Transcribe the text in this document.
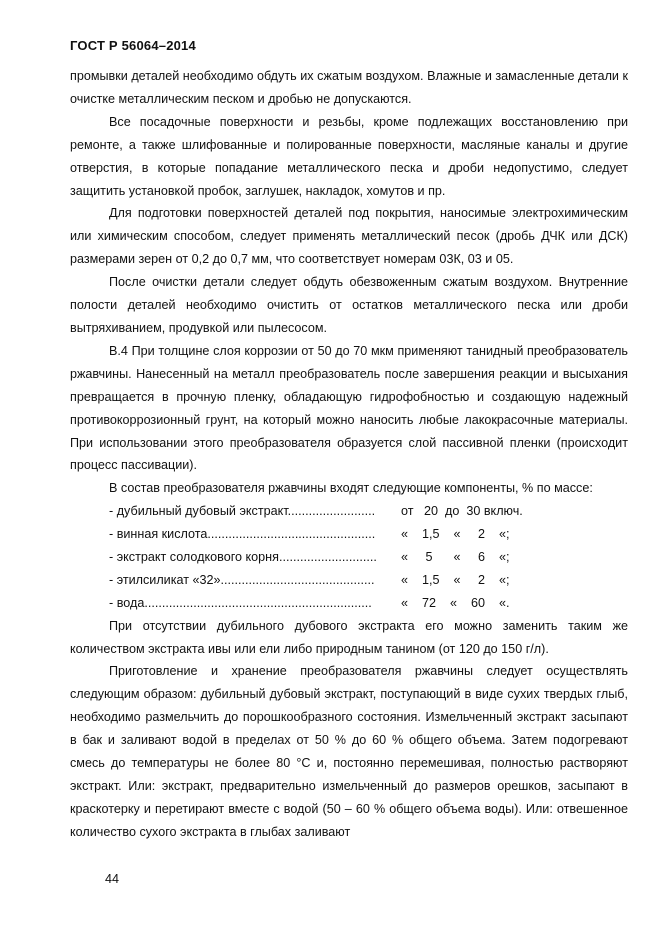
ГОСТ Р 56064–2014

промывки деталей необходимо обдуть их сжатым воздухом. Влажные и замасленные детали к очистке металлическим песком и дробью не допускаются.

Все посадочные поверхности и резьбы, кроме подлежащих восстановлению при ремонте, а также шлифованные и полированные поверхности, масляные каналы и другие отверстия, в которые попадание металлического песка и дроби недопустимо, следует защитить установкой пробок, заглушек, накладок, хомутов и пр.

Для подготовки поверхностей деталей под покрытия, наносимые электрохимическим или химическим способом, следует применять металлический песок (дробь ДЧК или ДСК) размерами зерен от 0,2 до 0,7 мм, что соответствует номерам 03К, 03 и 05.

После очистки детали следует обдуть обезвоженным сжатым воздухом. Внутренние полости деталей необходимо очистить от остатков металлического песка или дроби вытряхиванием, продувкой или пылесосом.

В.4 При толщине слоя коррозии от 50 до 70 мкм применяют танидный преобразователь ржавчины. Нанесенный на металл преобразователь после завершения реакции и высыхания превращается в прочную пленку, обладающую гидрофобностью и создающую надежный противокоррозионный грунт, на который можно наносить любые лакокрасочные материалы. При использовании этого преобразователя образуется слой пассивной пленки (происходит процесс пассивации).

В состав преобразователя ржавчины входят следующие компоненты, % по массе:

- дубильный дубовый экстракт......................... от   20  до  30 включ.
- винная кислота................................................ «    1,5    «     2    «;
- экстракт солодкового корня............................ «     5      «     6    «;
- этилсиликат «32»............................................ «    1,5    «     2    «;
- вода................................................................. «    72    «    60    «.

При отсутствии дубильного дубового экстракта его можно заменить таким же количеством экстракта ивы или ели либо природным танином (от 120 до 150 г/л).

Приготовление и хранение преобразователя ржавчины следует осуществлять следующим образом: дубильный дубовый экстракт, поступающий в виде сухих твердых глыб, необходимо размельчить до порошкообразного состояния. Измельченный экстракт засыпают в бак и заливают водой в пределах от 50 % до 60 % общего объема. Затем подогревают смесь до температуры не более 80 °С и, постоянно перемешивая, полностью растворяют экстракт. Или: экстракт, предварительно измельченный до размеров орешков, засыпают в краскотерку и перетирают вместе с водой (50 – 60 % общего объема воды). Или: отвешенное количество сухого экстракта в глыбах заливают

44
